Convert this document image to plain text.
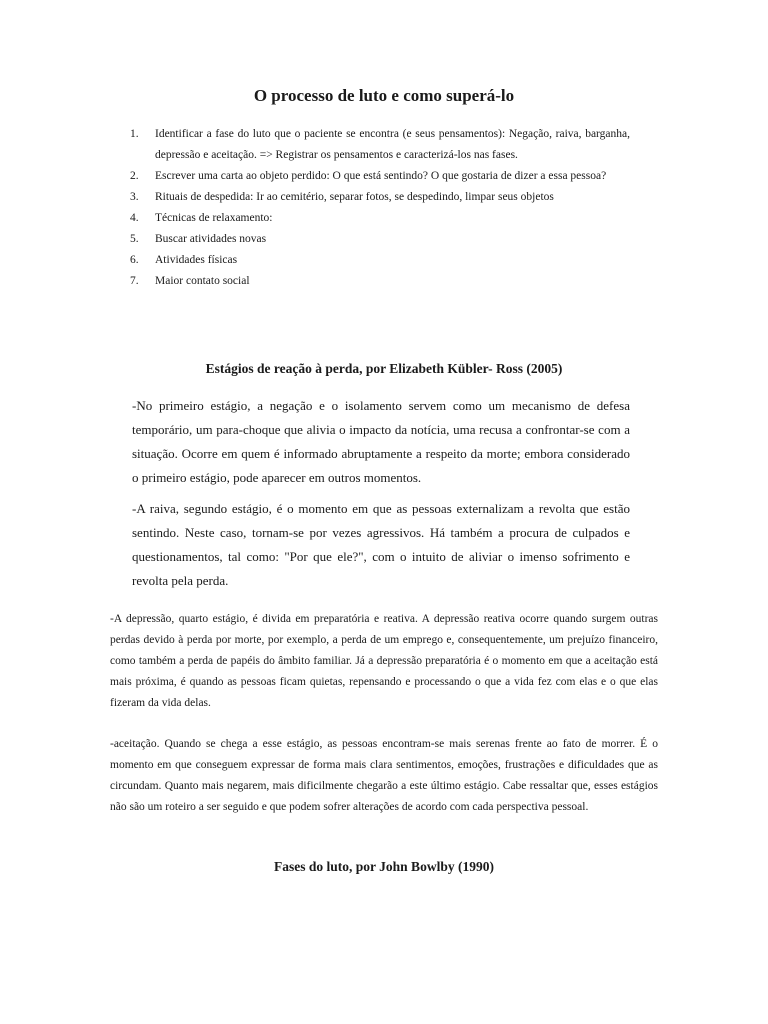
O processo de luto e como superá-lo
1. Identificar a fase do luto que o paciente se encontra (e seus pensamentos): Negação, raiva, barganha, depressão e aceitação. => Registrar os pensamentos e caracterizá-los nas fases.
2. Escrever uma carta ao objeto perdido: O que está sentindo? O que gostaria de dizer a essa pessoa?
3. Rituais de despedida: Ir ao cemitério, separar fotos, se despedindo, limpar seus objetos
4. Técnicas de relaxamento:
5. Buscar atividades novas
6. Atividades físicas
7. Maior contato social
Estágios de reação à perda, por Elizabeth Kübler- Ross (2005)

-No primeiro estágio, a negação e o isolamento servem como um mecanismo de defesa temporário, um para-choque que alivia o impacto da notícia, uma recusa a confrontar-se com a situação. Ocorre em quem é informado abruptamente a respeito da morte; embora considerado o primeiro estágio, pode aparecer em outros momentos.

-A raiva, segundo estágio, é o momento em que as pessoas externalizam a revolta que estão sentindo. Neste caso, tornam-se por vezes agressivos. Há também a procura de culpados e questionamentos, tal como: "Por que ele?", com o intuito de aliviar o imenso sofrimento e revolta pela perda.

-A depressão, quarto estágio, é divida em preparatória e reativa. A depressão reativa ocorre quando surgem outras perdas devido à perda por morte, por exemplo, a perda de um emprego e, consequentemente, um prejuízo financeiro, como também a perda de papéis do âmbito familiar. Já a depressão preparatória é o momento em que a aceitação está mais próxima, é quando as pessoas ficam quietas, repensando e processando o que a vida fez com elas e o que elas fizeram da vida delas.

-aceitação. Quando se chega a esse estágio, as pessoas encontram-se mais serenas frente ao fato de morrer. É o momento em que conseguem expressar de forma mais clara sentimentos, emoções, frustrações e dificuldades que as circundam. Quanto mais negarem, mais dificilmente chegarão a este último estágio. Cabe ressaltar que, esses estágios não são um roteiro a ser seguido e que podem sofrer alterações de acordo com cada perspectiva pessoal.

Fases do luto, por John Bowlby (1990)
